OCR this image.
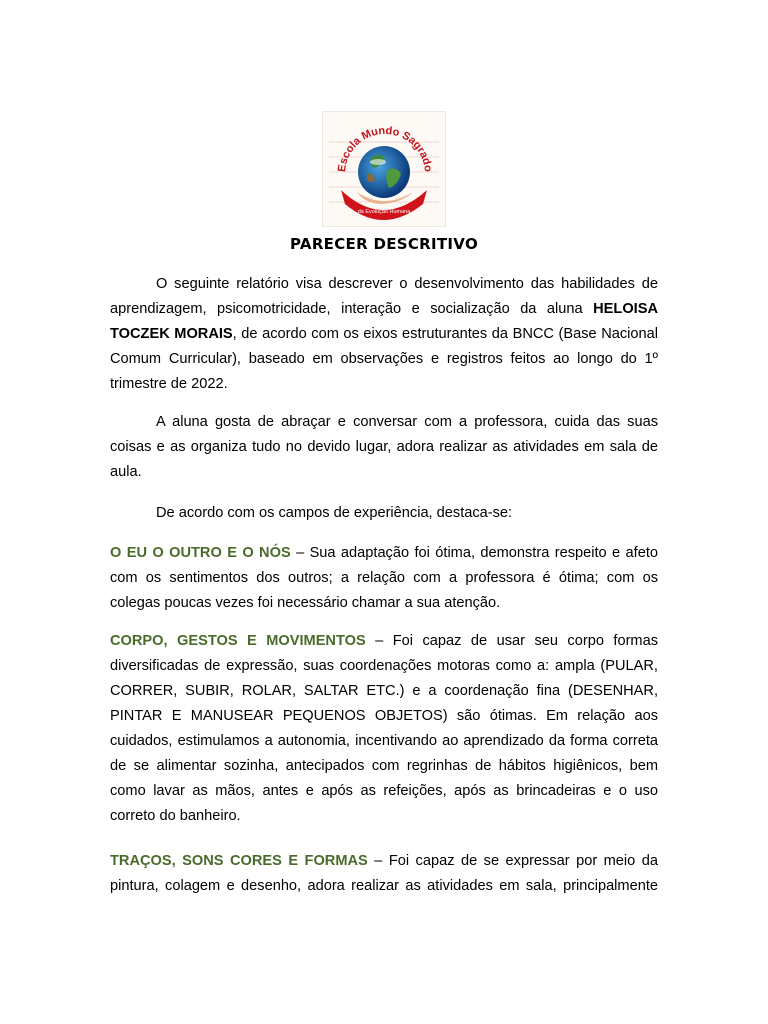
Escola Mundo Sagrado
da Evolução Humana
PARECER DESCRITIVO
O seguinte relatório visa descrever o desenvolvimento das habilidades de aprendizagem, psicomotricidade, interação e socialização da aluna HELOISA TOCZEK MORAIS, de acordo com os eixos estruturantes da BNCC (Base Nacional Comum Curricular), baseado em observações e registros feitos ao longo do 1º trimestre de 2022.
A aluna gosta de abraçar e conversar com a professora, cuida das suas coisas e as organiza tudo no devido lugar, adora realizar as atividades em sala de aula.
De acordo com os campos de experiência, destaca-se:
O EU O OUTRO E O NÓS – Sua adaptação foi ótima, demonstra respeito e afeto com os sentimentos dos outros; a relação com a professora é ótima; com os colegas poucas vezes foi necessário chamar a sua atenção.
CORPO, GESTOS E MOVIMENTOS – Foi capaz de usar seu corpo formas diversificadas de expressão, suas coordenações motoras como a: ampla (PULAR, CORRER, SUBIR, ROLAR, SALTAR ETC.) e a coordenação fina (DESENHAR, PINTAR E MANUSEAR PEQUENOS OBJETOS) são ótimas. Em relação aos cuidados, estimulamos a autonomia, incentivando ao aprendizado da forma correta de se alimentar sozinha, antecipados com regrinhas de hábitos higiênicos, bem como lavar as mãos, antes e após as refeições, após as brincadeiras e o uso correto do banheiro.
TRAÇOS, SONS CORES E FORMAS – Foi capaz de se expressar por meio da pintura, colagem e desenho, adora realizar as atividades em sala, principalmente
